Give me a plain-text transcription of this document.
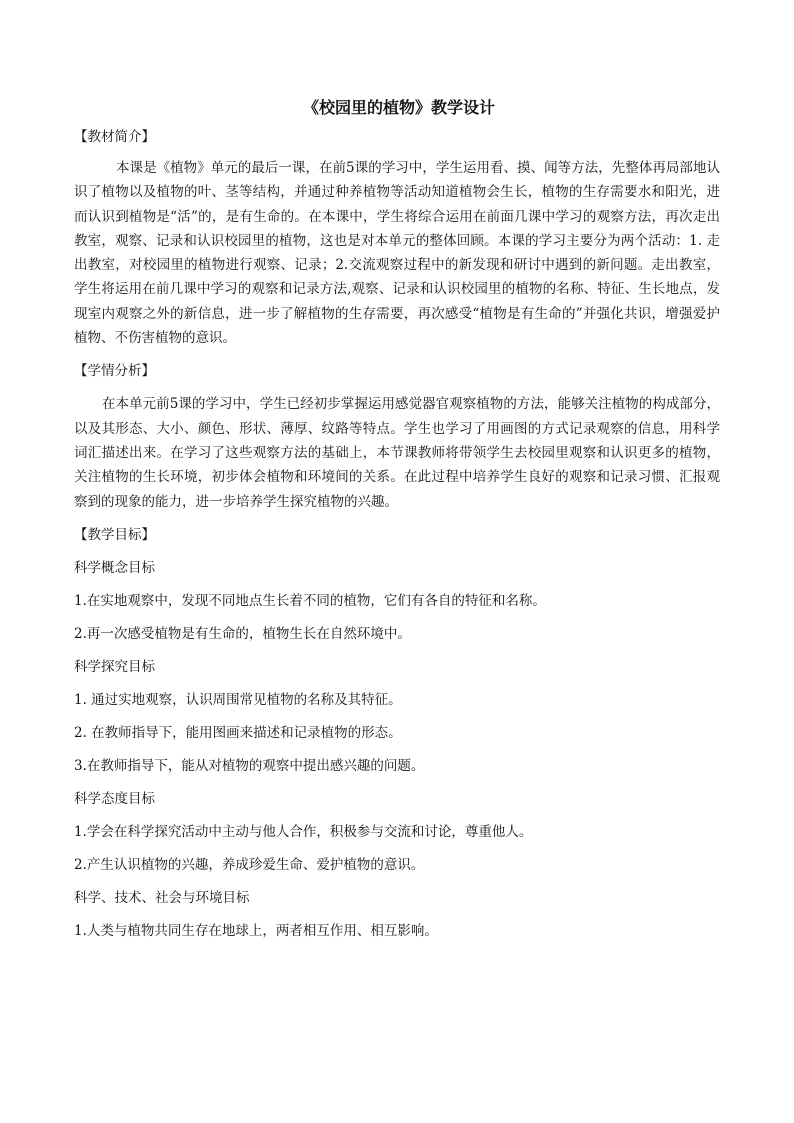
《校园里的植物》教学设计

【教材简介】

本课是《植物》单元的最后一课，在前5课的学习中，学生运用看、摸、闻等方法，先整体再局部地认识了植物以及植物的叶、茎等结构，并通过种养植物等活动知道植物会生长，植物的生存需要水和阳光，进而认识到植物是“活”的，是有生命的。在本课中，学生将综合运用在前面几课中学习的观察方法，再次走出教室，观察、记录和认识校园里的植物，这也是对本单元的整体回顾。本课的学习主要分为两个活动：1. 走出教室，对校园里的植物进行观察、记录；2.交流观察过程中的新发现和研讨中遇到的新问题。走出教室，学生将运用在前几课中学习的观察和记录方法,观察、记录和认识校园里的植物的名称、特征、生长地点，发现室内观察之外的新信息，进一步了解植物的生存需要，再次感受“植物是有生命的”并强化共识，增强爱护植物、不伤害植物的意识。

【学情分析】

在本单元前5课的学习中，学生已经初步掌握运用感觉器官观察植物的方法，能够关注植物的构成部分，以及其形态、大小、颜色、形状、薄厚、纹路等特点。学生也学习了用画图的方式记录观察的信息，用科学词汇描述出来。在学习了这些观察方法的基础上，本节课教师将带领学生去校园里观察和认识更多的植物，关注植物的生长环境，初步体会植物和环境间的关系。在此过程中培养学生良好的观察和记录习惯、汇报观察到的现象的能力，进一步培养学生探究植物的兴趣。

【教学目标】

科学概念目标

1.在实地观察中，发现不同地点生长着不同的植物，它们有各自的特征和名称。

2.再一次感受植物是有生命的，植物生长在自然环境中。

科学探究目标

1. 通过实地观察，认识周围常见植物的名称及其特征。

2. 在教师指导下，能用图画来描述和记录植物的形态。

3.在教师指导下，能从对植物的观察中提出感兴趣的问题。

科学态度目标

1.学会在科学探究活动中主动与他人合作，积极参与交流和讨论，尊重他人。

2.产生认识植物的兴趣，养成珍爱生命、爱护植物的意识。

科学、技术、社会与环境目标

1.人类与植物共同生存在地球上，两者相互作用、相互影响。
